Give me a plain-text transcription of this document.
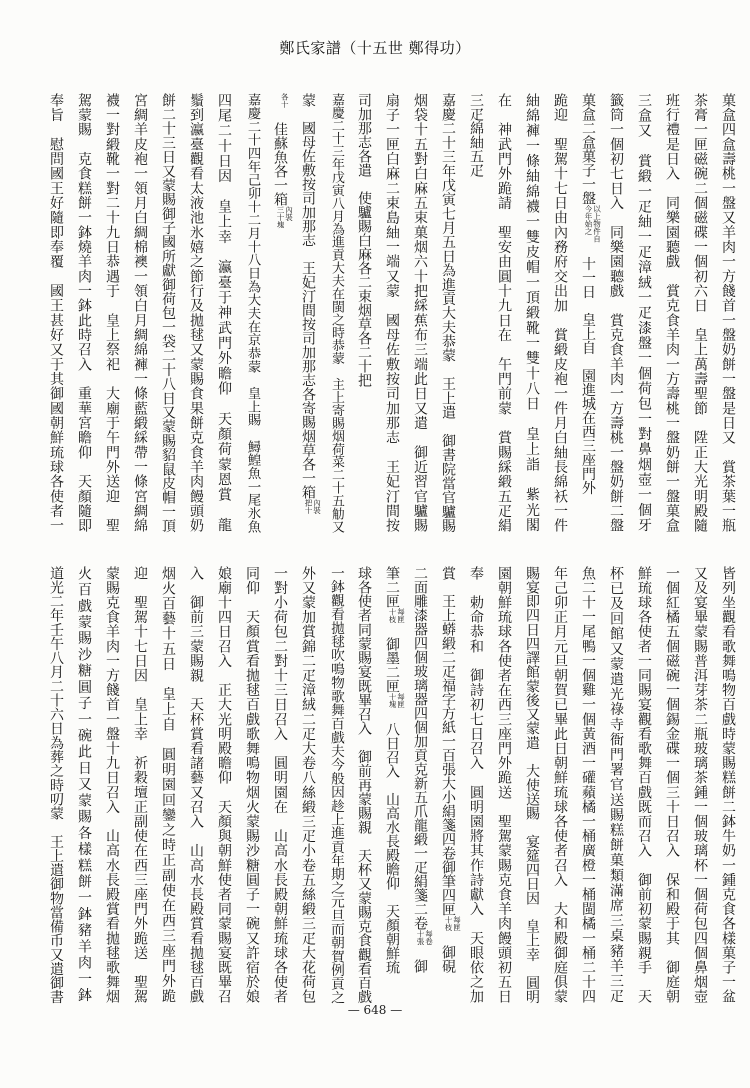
鄭氏家譜（十五世 鄭得功）
菓盒四盒壽桃一盤又羊肉一方餞首一盤奶餅一盤是日又　賞茶葉一瓶
茶膏一匣磁碗二個磁碟一個初六日　皇上萬壽聖節　陞正大光明殿隨
班行禮是日入　同樂園聽戲　賞克食羊肉一方壽桃一盤奶餅一盤菓盒
三盒又　賞緞一疋紬一疋漳絨一疋漆盤一個荷包一對鼻烟壺一個牙
籤筒一個初七日入　同樂園聽戲　賞克食羊肉一方壽桃一盤奶餅二盤
菓盒二盒菓子一盤
以上物件自
今年始之
　十一日　皇上自　園進城在西三座門外
跪迎　聖駕十七日由內務府交出加　賞緞皮袍一件月白紬長綿袄一件
紬綿褲一條紬綿襪一雙皮帽一頂緞靴一雙十八日　皇上詣　紫光閣
在　神武門外跪請　聖安由圓十九日在　午門前蒙　賞賜綵緞五疋絹
三疋綿紬五疋
嘉慶二十三年戊寅七月五日為進貢大夫恭蒙　王上遣　御書院當官驢賜
烟袋十五對白麻五束菓烟六十把綵蕉布三端此日又遣　御近習官驢賜
扇子一匣白麻二束島紬一端又蒙　國母佐敷按司加那志　王妃汀間按
司加那志各遣　使驢賜白麻各二束烟草各二十把
嘉慶二十三年戊寅八月為進貢大夫在閩之時恭蒙　主上寄賜烟荷菜二十五觔又
蒙　國母佐敷按司加那志　王妃汀間按司加那志各寄賜烟草各一箱
內裝
把十
各十
　佳蘇魚各一箱
內裝
三十塊
嘉慶二十四年己卯十二月十八日為大夫在京恭蒙　皇上賜　鱘鰉魚一尾氷魚
四尾二十日因　皇上幸　瀛臺于神武門外瞻仰　天顏荷蒙恩賞　龍
鬚到瀛臺觀看太液池氷嬉之節行及拋毬又蒙賜食果餅克食羊肉饅頭奶
餅二十三日又蒙賜御子國所獻御荷包一袋二十八日又蒙賜貂鼠皮帽一頂
宮綢羊皮袍一領月白綢棉襖一領白月綢綿褲一條藍緞綵帶一條宮綢綿
襪一對緞靴一對二十九日恭遇于　皇上祭祀　大廟于午門外送迎　聖
駕蒙賜　克食糕餅一鉢燒羊肉一鉢此時召入　重華宮瞻仰　天顏隨即
奉旨　慰問國王好隨即奉覆　國王甚好又于其御國朝鮮琉球各使者一
皆列坐觀看歌舞鳴物百戲時蒙賜糕餅二鉢牛奶一鍾克食各樣菓子一盆
又及宴畢蒙賜普洱芽茶二瓶玻璃茶鍾一個玻璃杯一個荷包四個鼻烟壺
一個紅橘五個磁碗一個錫金碟一個三十日召入　保和殿于其　御庭朝
鮮琉球各使者一同賜宴觀看歌舞百戲既而召入　御前初蒙賜親手　天
杯已及回館又蒙遣光祿寺衙門署官送賜糕餅菓類滿席三桌豬羊三疋
魚二十一尾鴨一個雞一個黃酒一礶蘋橘一桶廣橙一桶閩橘一桶二十四
年己卯正月元旦朝賀已畢此日朝鮮琉球各使者召入　大和殿御庭俱蒙
賜宴即四日四譯館蒙後又蒙遣　大使送賜　宴筵四日因　皇上幸　圓明
園朝鮮琉球各使者在西三座門外跪送　聖駕蒙賜克食羊肉饅頭初五日
奉　勅命恭和　御詩初七日召入　圓明園將其作詩獻入　天眼依之加
賞　王上蟒緞二疋福字方紙一百張大小絹箋四卷御筆四匣
每匣
十枝
　御硯
二面雕漆器四個玻璃器四個加貢克新五爪龍緞一疋絹箋二卷
每卷
十張
　御
筆二匣
每匣
十枝
　御墨二匣
每匣
十塊
　八日召入　山高水長殿瞻仰　天顏朝鮮琉
球各使者同蒙賜宴既畢召入　御前再蒙賜親　天杯又蒙賜克食觀看百戲
一鉢觀看拋毬吹鳴物歌舞百戲夫今般因趁上進貢年期之元旦而朝賀例貢之
外又蒙加賞錦二疋漳絨二疋大卷八絲緞三疋小卷五絲緞三疋大花荷包
一對小荷包二對十三日召入　圓明園在　山高水長殿朝鮮琉球各使者
同仰　天顏賞看拋毬百戲歌舞鳴物烟火蒙賜沙糖圓子一碗又許宿於娘
娘廟十四日召入　正大光明殿瞻仰　天顏與朝鮮使者同蒙賜宴既畢召
入　御前三蒙賜親　天杯賞看諸藝又召入　山高水長殿賞看拋毬百戲
烟火百藝十五日　皇上自　圓明園回鑾之時正副使在西三座門外跪
迎　聖駕十七日因　皇上幸　祈穀壇正副使在西三座門外跪送　聖駕
蒙賜克食羊肉一方餞首一盤十九日召入　山高水長殿賞看拋毬歌舞烟
火百戲蒙賜沙糖圓子一碗此日又蒙賜各樣糕餅一鉢豬羊肉一鉢
道光二年壬午八月二十六日為葬之時叨蒙　王上遣御物當備币又遣御書
— 648 —
